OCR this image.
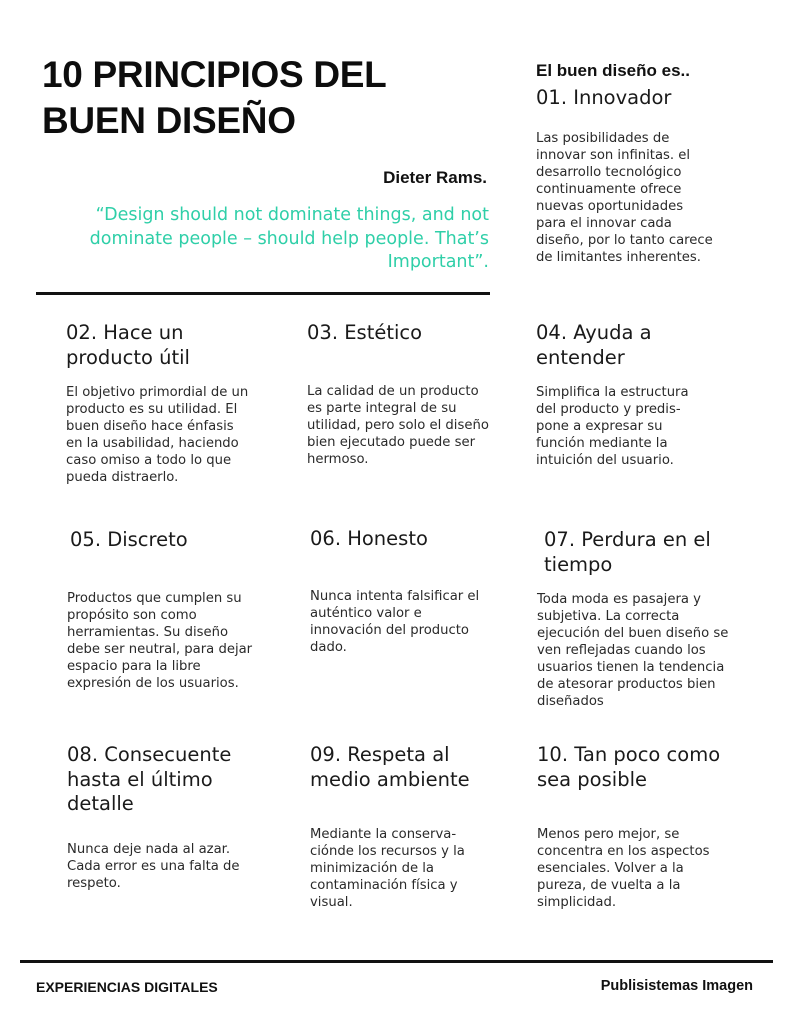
10 PRINCIPIOS DEL
BUEN DISEÑO
Dieter Rams.
“Design should not dominate things, and not dominate people – should help people. That’s Important”.
El buen diseño es..

01. Innovador

Las posibilidades de innovar son infinitas. el desarrollo tecnológico continuamente ofrece nuevas oportunidades para el innovar cada diseño, por lo tanto carece de limitantes inherentes.

02. Hace un producto útil

El objetivo primordial de un producto es su utilidad. El buen diseño hace énfasis en la usabilidad, haciendo caso omiso a todo lo que pueda distraerlo.

03. Estético

La calidad de un producto es parte integral de su utilidad, pero solo el diseño bien ejecutado puede ser hermoso.

04. Ayuda a entender

Simplifica la estructura del producto y predis-pone a expresar su función mediante la intuición del usuario.

05. Discreto

Productos que cumplen su propósito son como herramientas. Su diseño debe ser neutral, para dejar espacio para la libre expresión de los usuarios.

06. Honesto

Nunca intenta falsificar el auténtico valor e innovación del producto dado.

07. Perdura en el tiempo

Toda moda es pasajera y subjetiva. La correcta ejecución del buen diseño se ven reflejadas cuando los usuarios tienen la tendencia de atesorar productos bien diseñados

08. Consecuente hasta el último detalle

Nunca deje nada al azar. Cada error es una falta de respeto.

09. Respeta al medio ambiente

Mediante la conserva-ciónde los recursos y la minimización de la contaminación física y visual.

10. Tan poco como sea posible

Menos pero mejor, se concentra en los aspectos esenciales. Volver a la pureza, de vuelta a la simplicidad.

EXPERIENCIAS DIGITALES	Publisistemas Imagen
